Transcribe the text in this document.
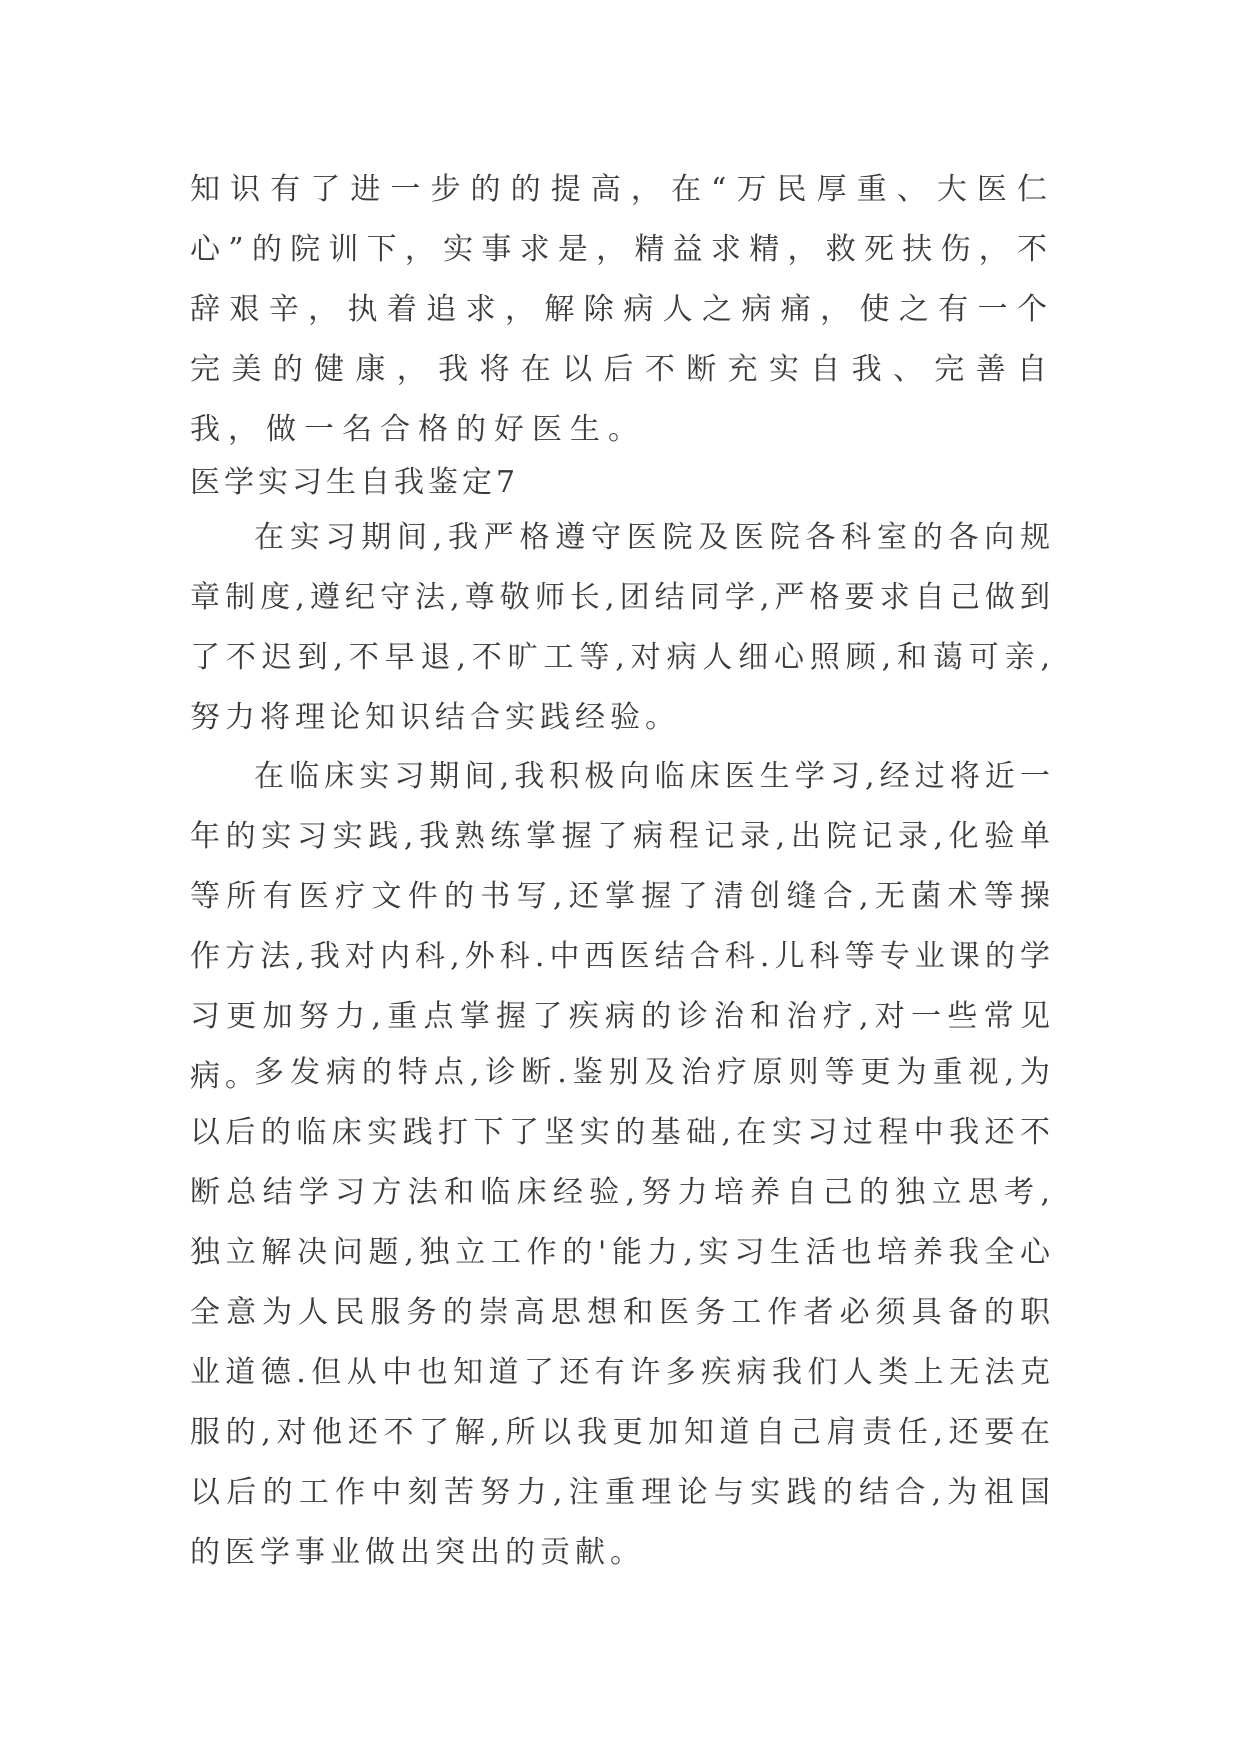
知识有了进一步的的提高，在“万民厚重、大医仁心”的院训下，实事求是，精益求精，救死扶伤，不辞艰辛，执着追求，解除病人之病痛，使之有一个完美的健康，我将在以后不断充实自我、完善自我，做一名合格的好医生。

医学实习生自我鉴定7

在实习期间,我严格遵守医院及医院各科室的各向规章制度,遵纪守法,尊敬师长,团结同学,严格要求自己做到了不迟到,不早退,不旷工等,对病人细心照顾,和蔼可亲,努力将理论知识结合实践经验。

在临床实习期间,我积极向临床医生学习,经过将近一年的实习实践,我熟练掌握了病程记录,出院记录,化验单等所有医疗文件的书写,还掌握了清创缝合,无菌术等操作方法,我对内科,外科.中西医结合科.儿科等专业课的学习更加努力,重点掌握了疾病的诊治和治疗,对一些常见病。

多发病的特点,诊断.鉴别及治疗原则等更为重视,为以后的临床实践打下了坚实的基础,在实习过程中我还不断总结学习方法和临床经验,努力培养自己的独立思考,独立解决问题,独立工作的'能力,实习生活也培养我全心全意为人民服务的崇高思想和医务工作者必须具备的职业道德.但从中也知道了还有许多疾病我们人类上无法克服的,对他还不了解,所以我更加知道自己肩责任,还要在以后的工作中刻苦努力,注重理论与实践的结合,为祖国的医学事业做出突出的贡献。
